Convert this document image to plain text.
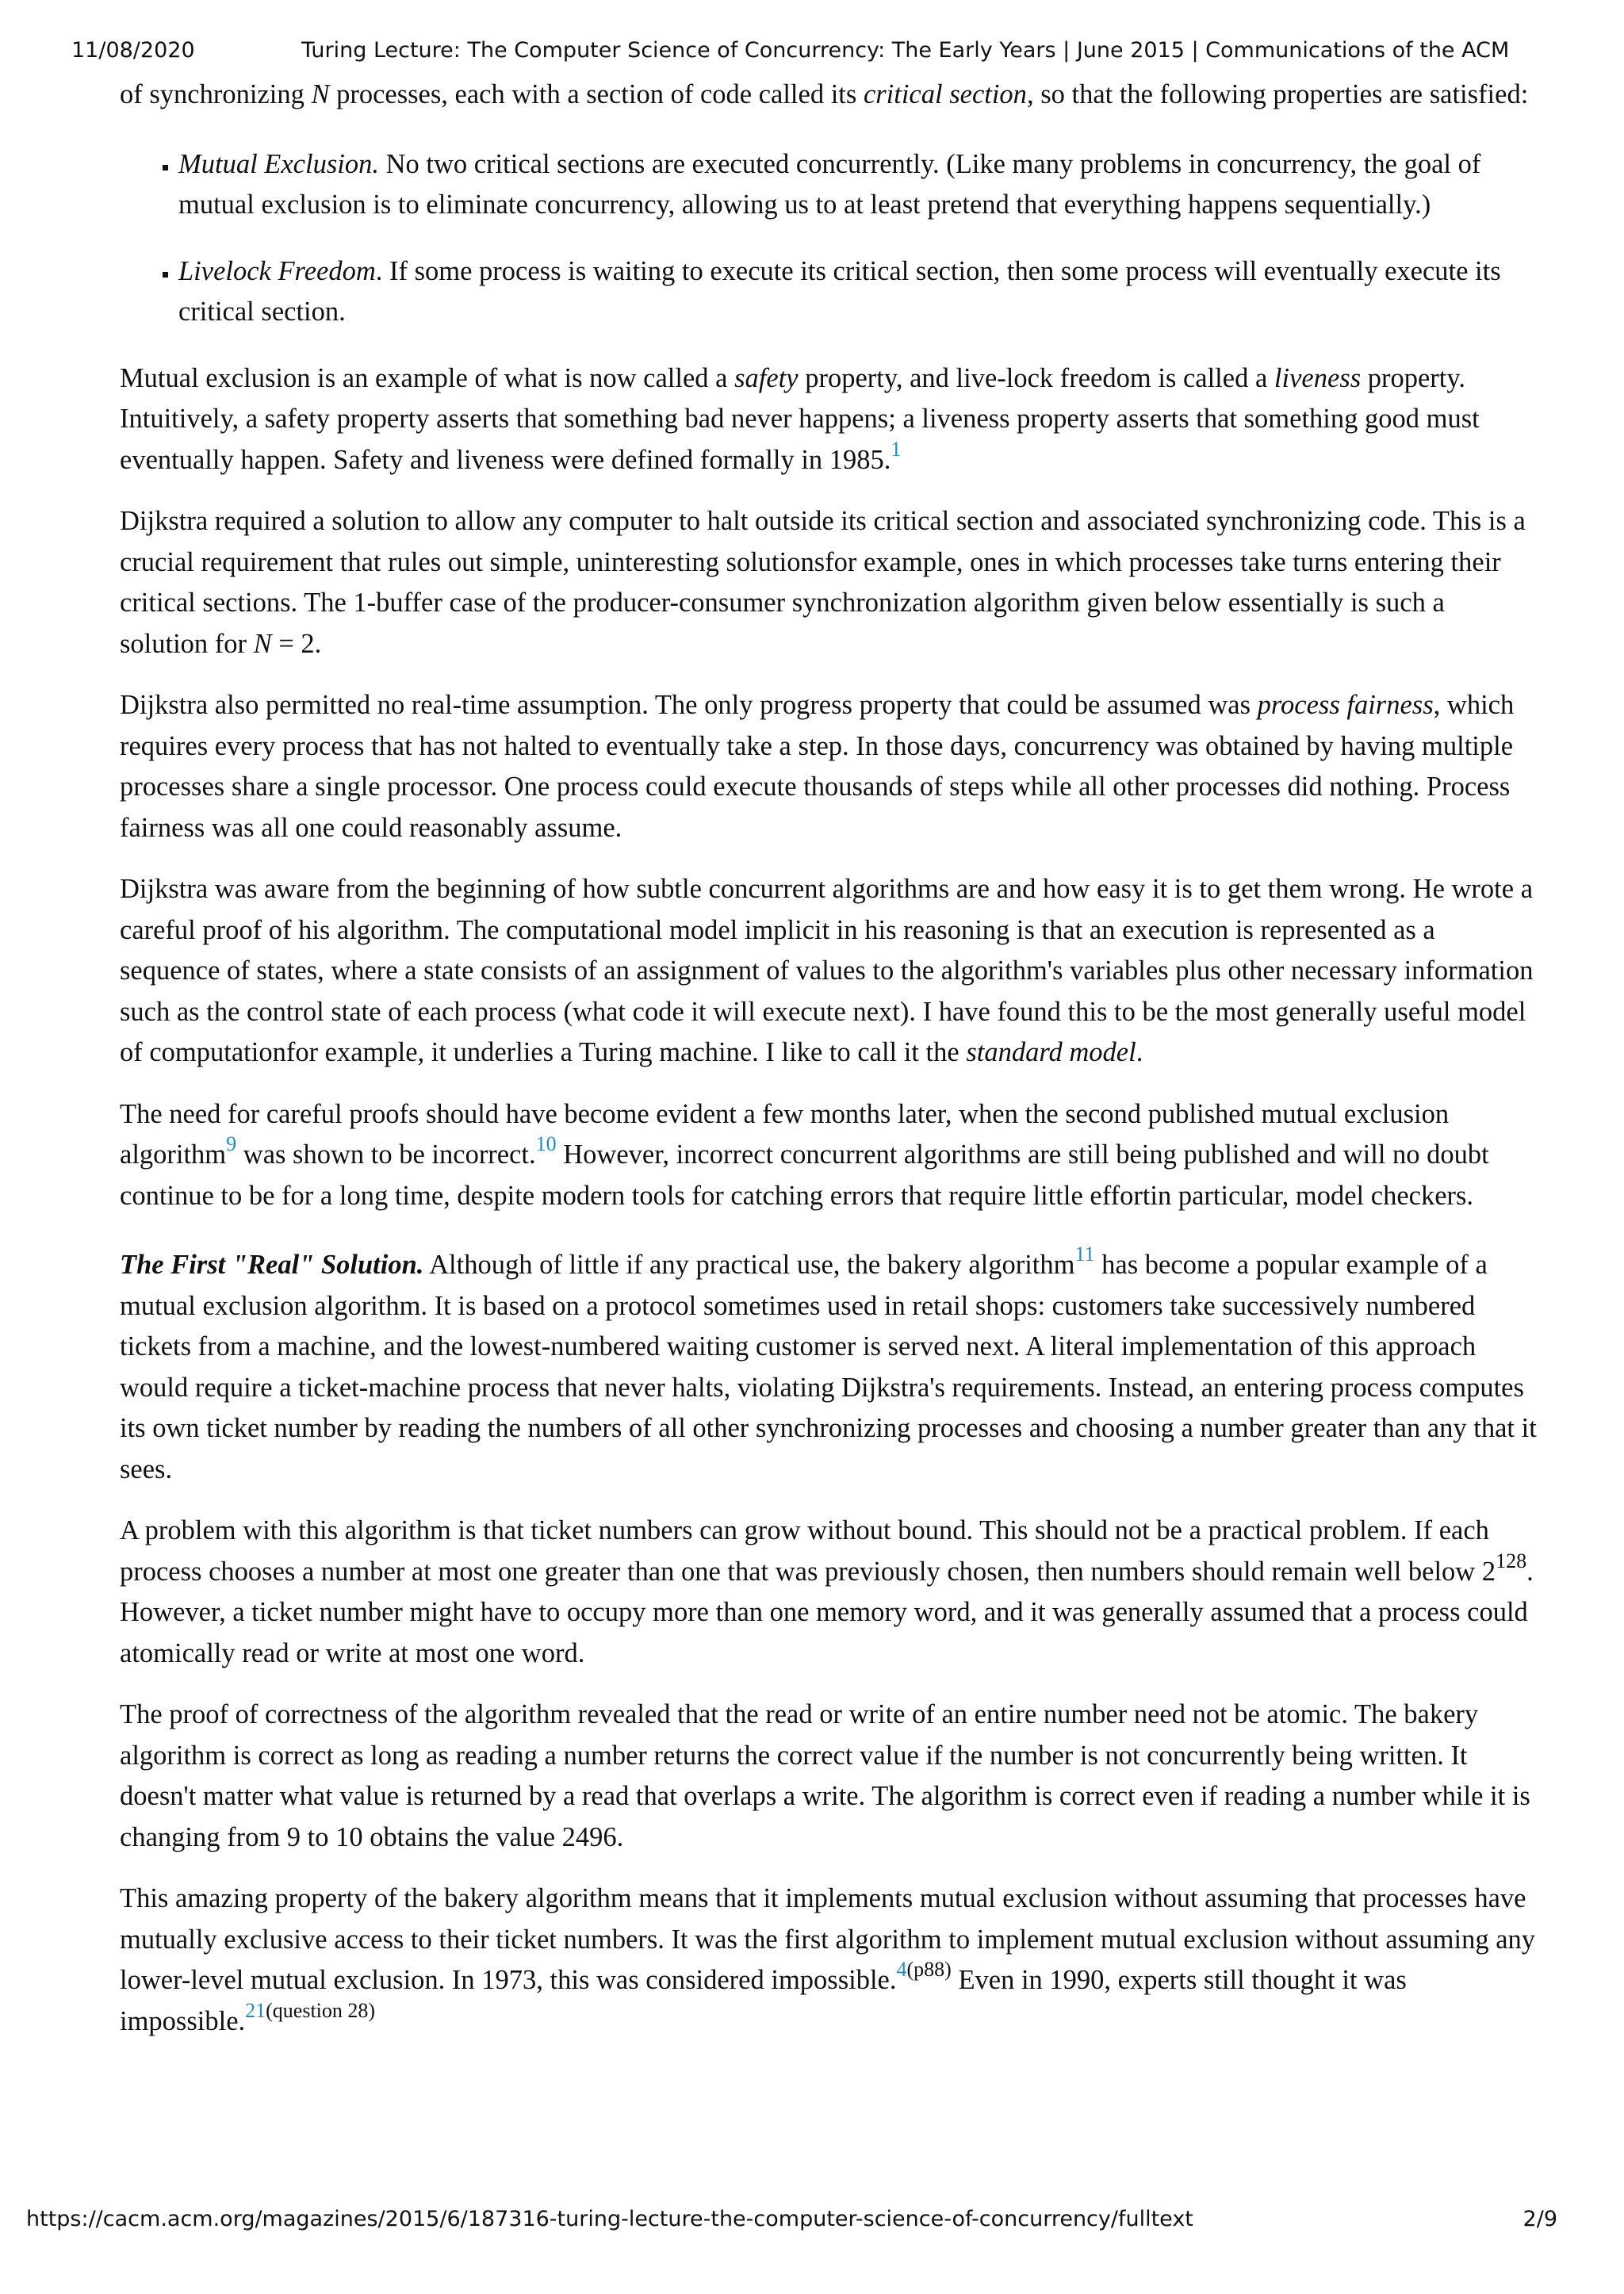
11/08/2020	Turing Lecture: The Computer Science of Concurrency: The Early Years | June 2015 | Communications of the ACM

of synchronizing N processes, each with a section of code called its critical section, so that the following properties are satisfied:

▪ Mutual Exclusion. No two critical sections are executed concurrently. (Like many problems in concurrency, the goal of mutual exclusion is to eliminate concurrency, allowing us to at least pretend that everything happens sequentially.)
▪ Livelock Freedom. If some process is waiting to execute its critical section, then some process will eventually execute its critical section.

Mutual exclusion is an example of what is now called a safety property, and live-lock freedom is called a liveness property. Intuitively, a safety property asserts that something bad never happens; a liveness property asserts that something good must eventually happen. Safety and liveness were defined formally in 1985.$^1$

Dijkstra required a solution to allow any computer to halt outside its critical section and associated synchronizing code. This is a crucial requirement that rules out simple, uninteresting solutionsfor example, ones in which processes take turns entering their critical sections. The 1-buffer case of the producer-consumer synchronization algorithm given below essentially is such a solution for N = 2.

Dijkstra also permitted no real-time assumption. The only progress property that could be assumed was process fairness, which requires every process that has not halted to eventually take a step. In those days, concurrency was obtained by having multiple processes share a single processor. One process could execute thousands of steps while all other processes did nothing. Process fairness was all one could reasonably assume.

Dijkstra was aware from the beginning of how subtle concurrent algorithms are and how easy it is to get them wrong. He wrote a careful proof of his algorithm. The computational model implicit in his reasoning is that an execution is represented as a sequence of states, where a state consists of an assignment of values to the algorithm's variables plus other necessary information such as the control state of each process (what code it will execute next). I have found this to be the most generally useful model of computationfor example, it underlies a Turing machine. I like to call it the standard model.

The need for careful proofs should have become evident a few months later, when the second published mutual exclusion algorithm$^9$ was shown to be incorrect.$^{10}$ However, incorrect concurrent algorithms are still being published and will no doubt continue to be for a long time, despite modern tools for catching errors that require little effortin particular, model checkers.

The First "Real" Solution. Although of little if any practical use, the bakery algorithm$^{11}$ has become a popular example of a mutual exclusion algorithm. It is based on a protocol sometimes used in retail shops: customers take successively numbered tickets from a machine, and the lowest-numbered waiting customer is served next. A literal implementation of this approach would require a ticket-machine process that never halts, violating Dijkstra's requirements. Instead, an entering process computes its own ticket number by reading the numbers of all other synchronizing processes and choosing a number greater than any that it sees.

A problem with this algorithm is that ticket numbers can grow without bound. This should not be a practical problem. If each process chooses a number at most one greater than one that was previously chosen, then numbers should remain well below $2^{128}$. However, a ticket number might have to occupy more than one memory word, and it was generally assumed that a process could atomically read or write at most one word.

The proof of correctness of the algorithm revealed that the read or write of an entire number need not be atomic. The bakery algorithm is correct as long as reading a number returns the correct value if the number is not concurrently being written. It doesn't matter what value is returned by a read that overlaps a write. The algorithm is correct even if reading a number while it is changing from 9 to 10 obtains the value 2496.

This amazing property of the bakery algorithm means that it implements mutual exclusion without assuming that processes have mutually exclusive access to their ticket numbers. It was the first algorithm to implement mutual exclusion without assuming any lower-level mutual exclusion. In 1973, this was considered impossible.$^{4(p88)}$ Even in 1990, experts still thought it was impossible.$^{21(question 28)}$

https://cacm.acm.org/magazines/2015/6/187316-turing-lecture-the-computer-science-of-concurrency/fulltext	2/9
